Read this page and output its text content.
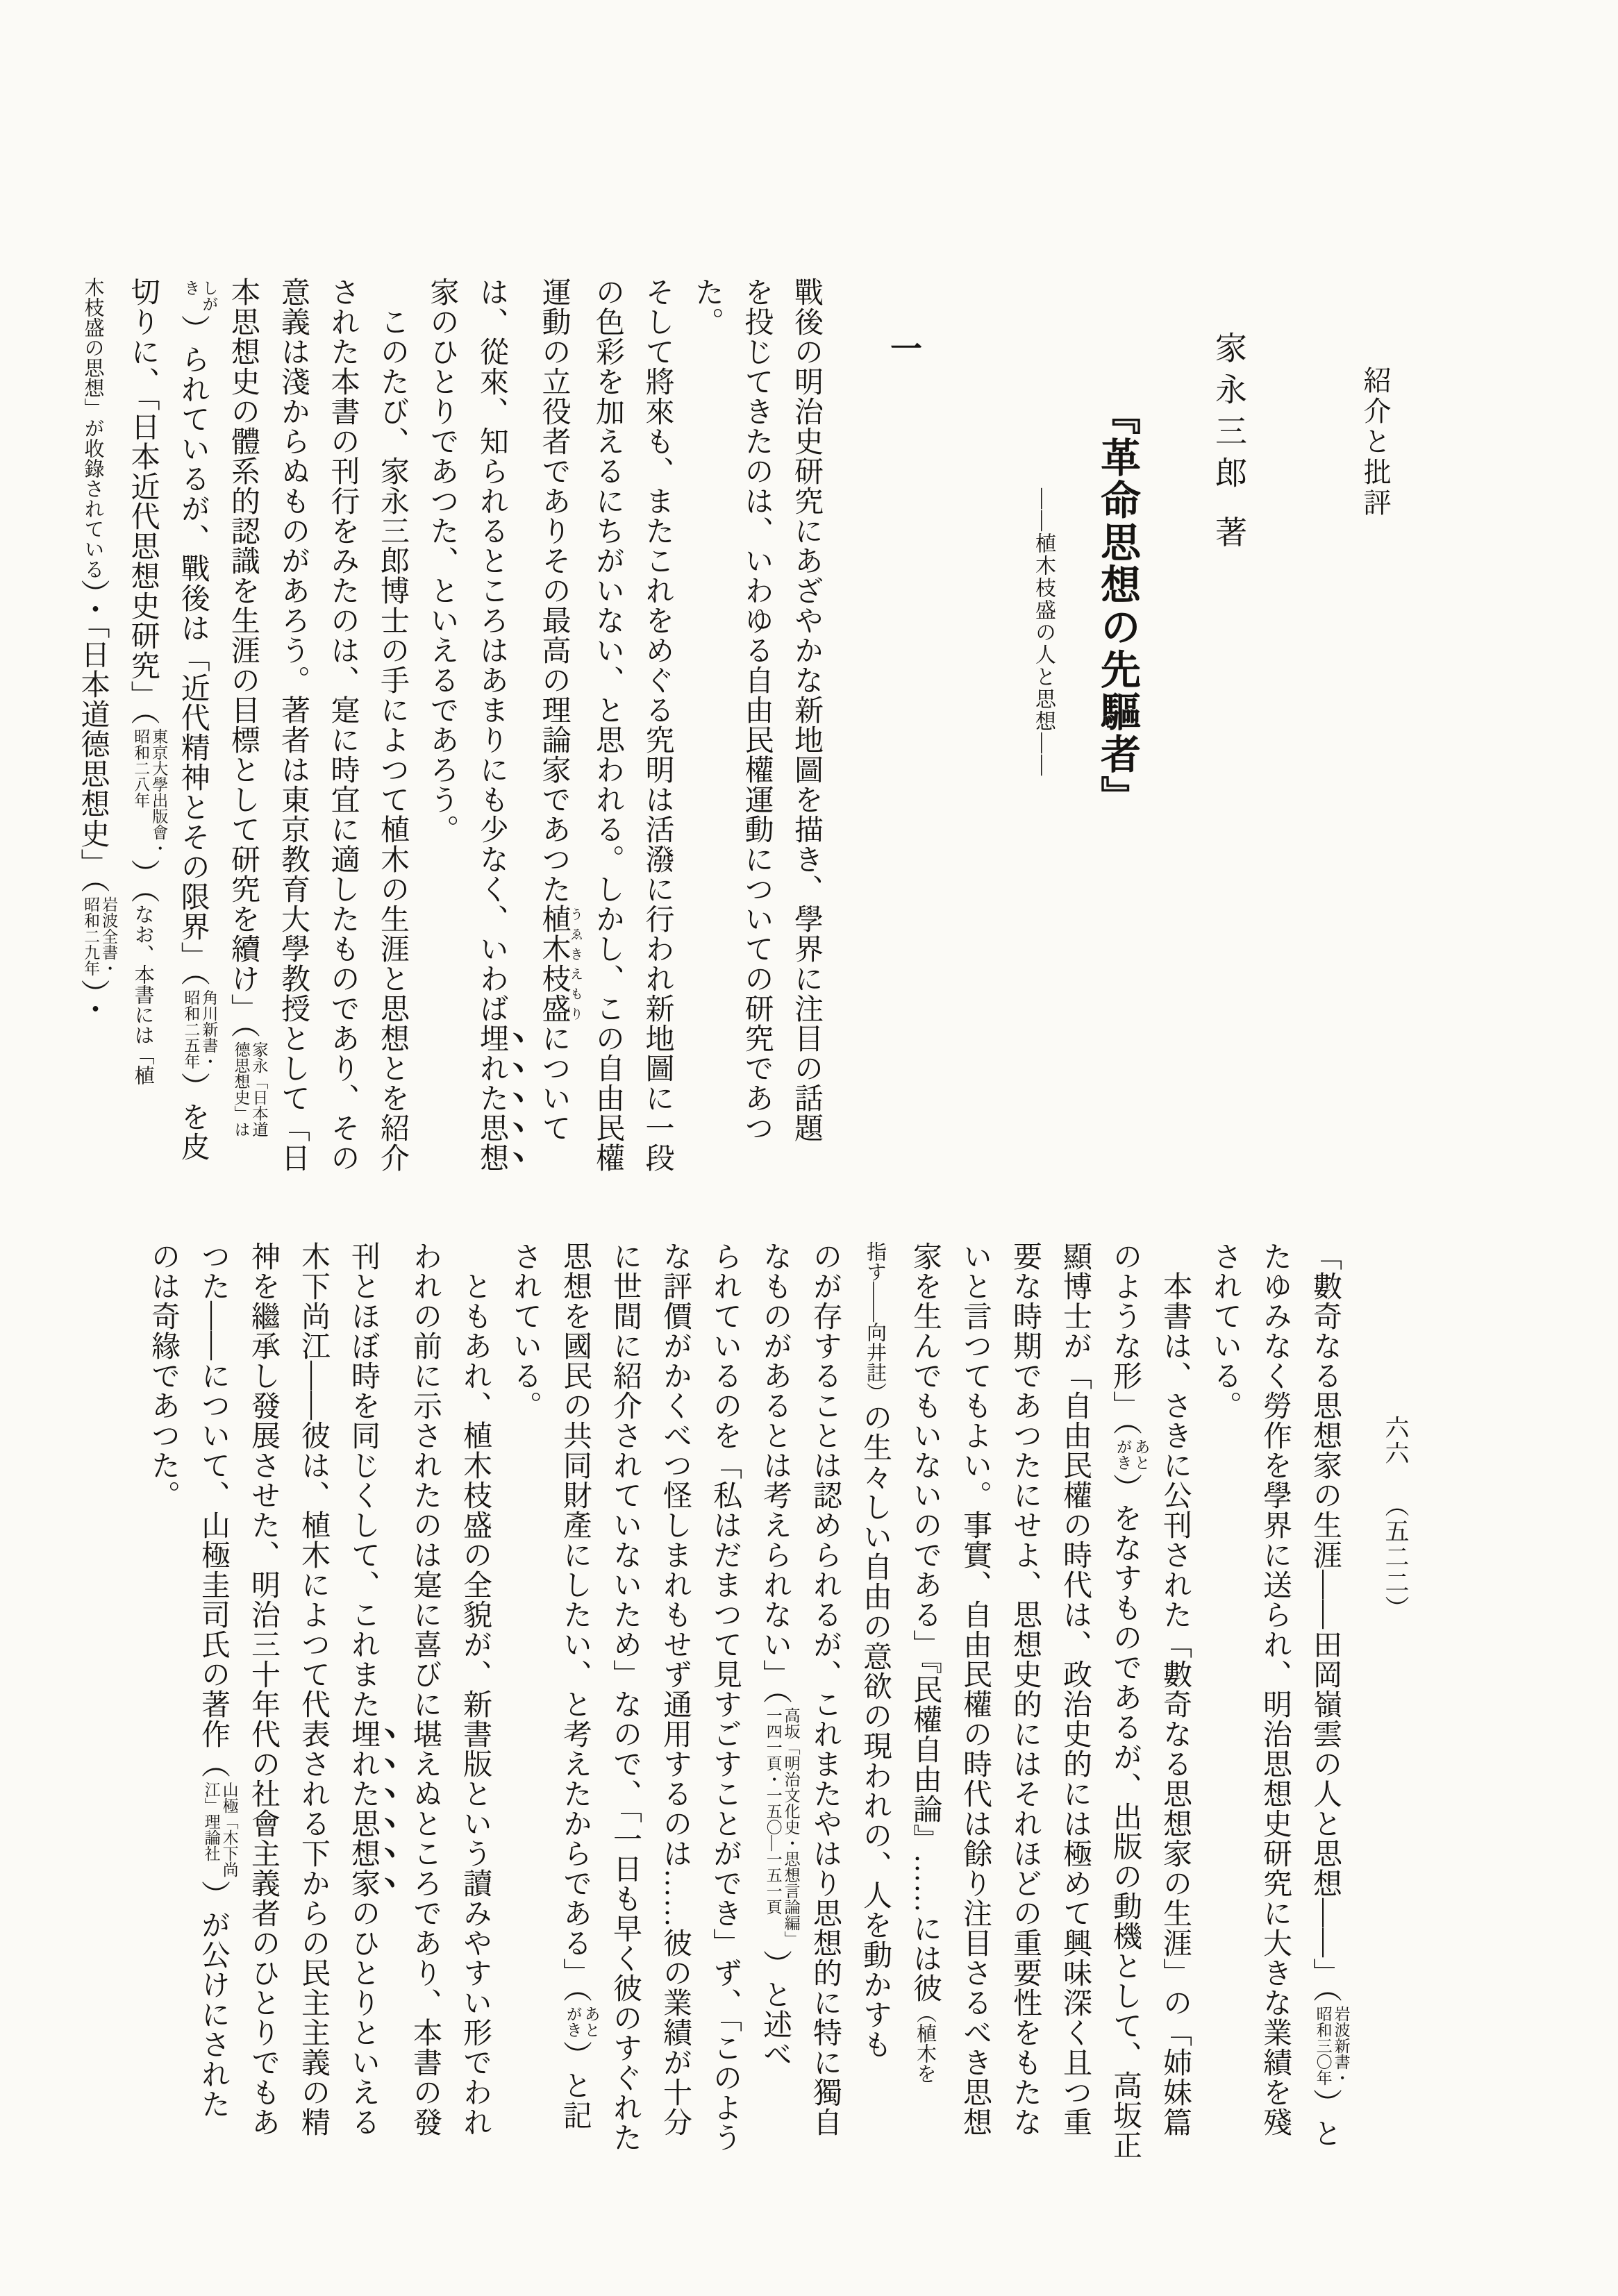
紹介と批評
家永三郎 著
『革命思想の先驅者』
――植木枝盛の人と思想――
一
六六（五二二）

戰後の明治史研究にあざやかな新地圖を描き、學界に注目の話題

を投じてきたのは、いわゆる自由民權運動についての研究であつた。

そして將來も、またこれをめぐる究明は活潑に行われ新地圖に一段

の色彩を加えるにちがいない、と思われる。しかし、この自由民權

運動の立役者でありその最高の理論家であつた植木枝盛うゑきえもりについて

は、從來、知られるところはあまりにも少なく、いわば埋れた思想

家のひとりであつた、といえるであろう。

このたび、家永三郎博士の手によつて植木の生涯と思想とを紹介

された本書の刊行をみたのは、寔に時宜に適したものであり、その

意義は淺からぬものがあろう。著者は東京教育大學教授として「日

本思想史の體系的認識を生涯の目標として研究を續け」（
家永「日本道
德思想史」は

しが
き
）られているが、戰後は「近代精神とその限界」（
角川新書・
昭和二五年
）を皮

切りに、「日本近代思想史研究」（
東京大學出版會・
昭和二八年
）（なお、本書には「植

木枝盛の思想」が收錄されている）・「日本道德思想史」（
岩波全書・
昭和二九年
）・

「數奇なる思想家の生涯――田岡嶺雲の人と思想――」（
岩波新書・
昭和三〇年
）と

たゆみなく勞作を學界に送られ、明治思想史研究に大きな業績を殘

されている。

本書は、さきに公刊された「數奇なる思想家の生涯」の「姉妹篇

のような形」（
あと
がき
）をなすものであるが、出版の動機として、高坂正

顯博士が「自由民權の時代は、政治史的には極めて興味深く且つ重

要な時期であつたにせよ、思想史的にはそれほどの重要性をもたな

いと言つてもよい。事實、自由民權の時代は餘り注目さるべき思想

家を生んでもいないのである」『民權自由論』……には彼（植木を

指す――向井註）の生々しい自由の意欲の現われの、人を動かすも

のが存することは認められるが、これまたやはり思想的に特に獨自

なものがあるとは考えられない」（
高坂「明治文化史・思想言論編」
一四一頁・一五〇―一五一頁
）と述べ

られているのを「私はだまつて見すごすことができ」ず、「このよう

な評價がかくべつ怪しまれもせず通用するのは……彼の業績が十分

に世間に紹介されていないため」なので、「一日も早く彼のすぐれた

思想を國民の共同財產にしたい、と考えたからである」（
あと
がき
）と記

されている。

ともあれ、植木枝盛の全貌が、新書版という讀みやすい形でわれ

われの前に示されたのは寔に喜びに堪えぬところであり、本書の發

刊とほぼ時を同じくして、これまた埋れた思想家のひとりといえる

木下尚江――彼は、植木によつて代表される下からの民主主義の精

神を繼承し發展させた、明治三十年代の社會主義者のひとりでもあ

つた――について、山極圭司氏の著作（
山極「木下尚
江」理論社
）が公けにされた

のは奇緣であつた。
